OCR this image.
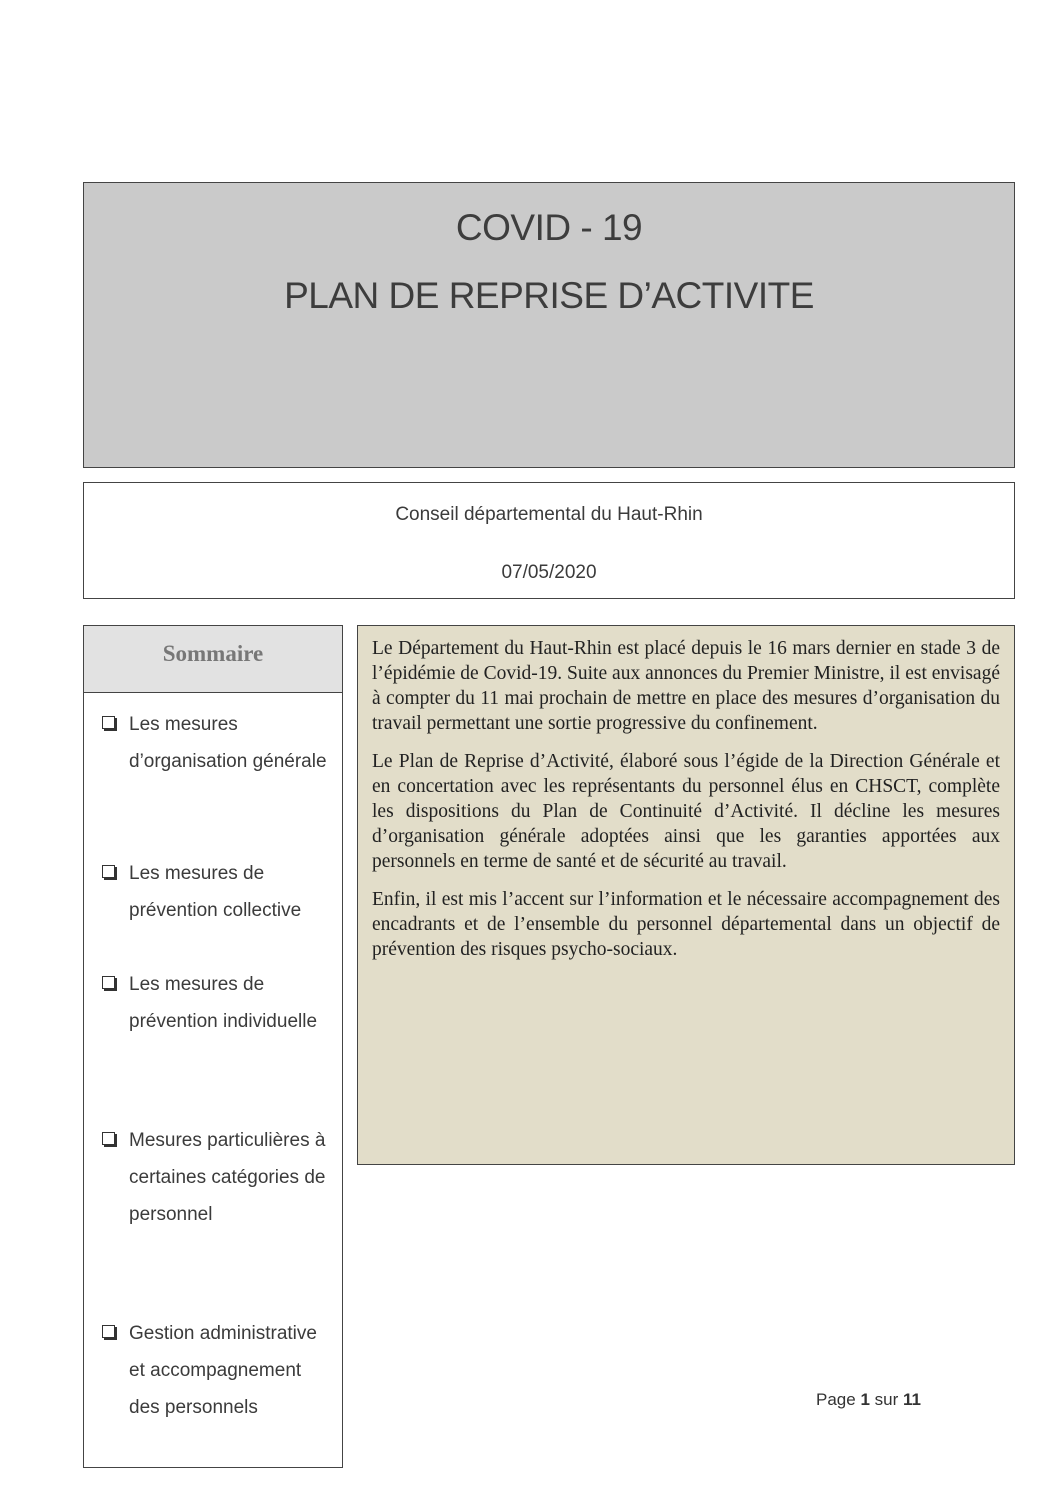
COVID - 19
PLAN DE REPRISE D’ACTIVITE
Conseil départemental du Haut-Rhin
07/05/2020
Sommaire
Les mesures d’organisation générale
Les mesures de prévention collective
Les mesures de prévention individuelle
Mesures particulières à certaines catégories de personnel
Gestion administrative et accompagnement des personnels

Le Département du Haut-Rhin est placé depuis le 16 mars dernier en stade 3 de l’épidémie de Covid-19. Suite aux annonces du Premier Ministre, il est envisagé à compter du 11 mai prochain de mettre en place des mesures d’organisation du travail permettant une sortie progressive du confinement.

Le Plan de Reprise d’Activité, élaboré sous l’égide de la Direction Générale et en concertation avec les représentants du personnel élus en CHSCT, complète les dispositions du Plan de Continuité d’Activité. Il décline les mesures d’organisation générale adoptées ainsi que les garanties apportées aux personnels en terme de santé et de sécurité au travail.

Enfin, il est mis l’accent sur l’information et le nécessaire accompagnement des encadrants et de l’ensemble du personnel départemental dans un objectif de prévention des risques psycho-sociaux.

Page 1 sur 11
